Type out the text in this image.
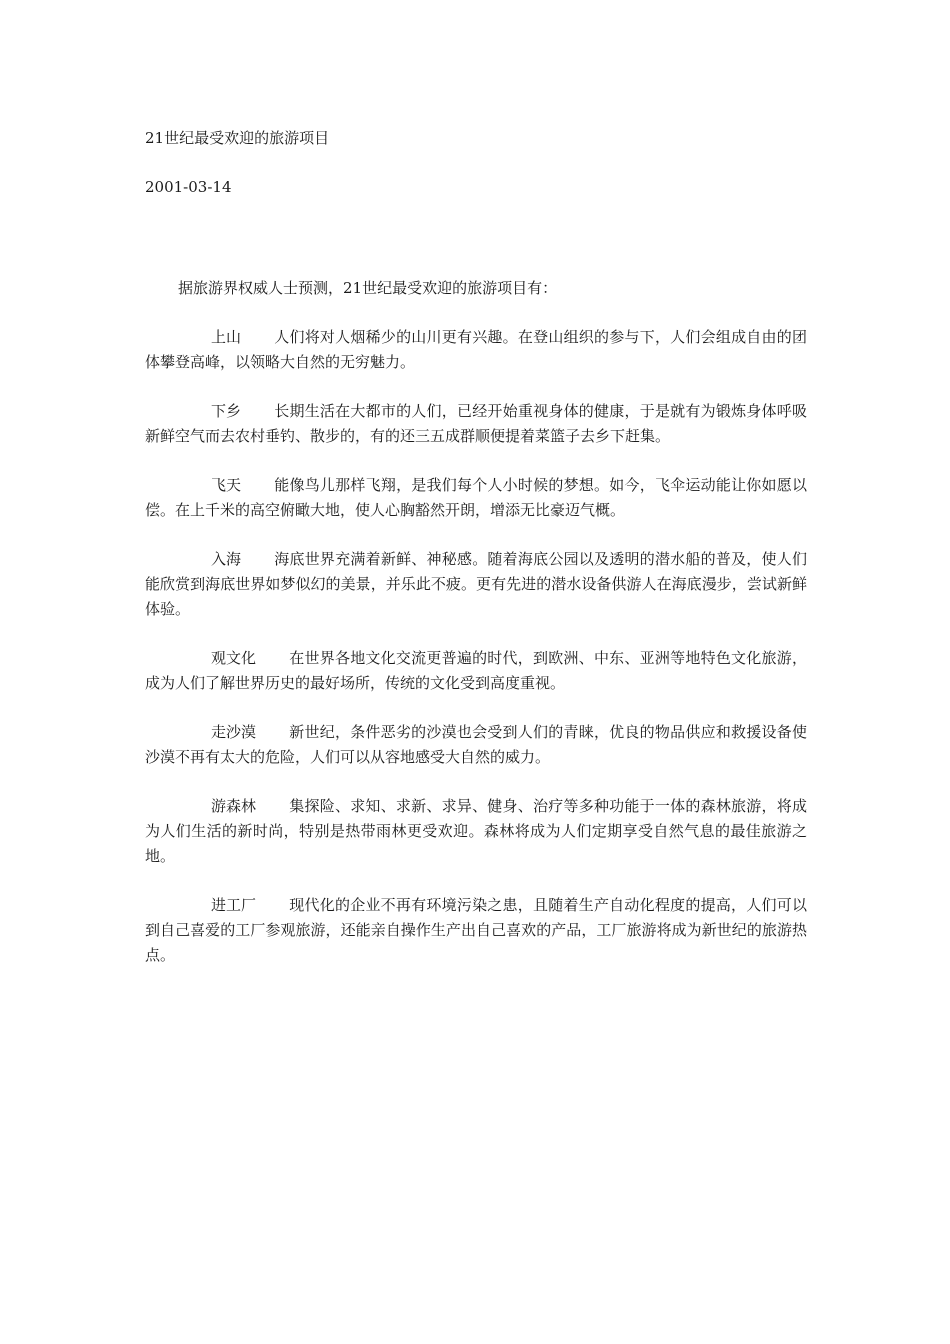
21世纪最受欢迎的旅游项目
2001-03-14

据旅游界权威人士预测，21世纪最受欢迎的旅游项目有：

上山 人们将对人烟稀少的山川更有兴趣。在登山组织的参与下，人们会组成自由的团体攀登高峰，以领略大自然的无穷魅力。

下乡 长期生活在大都市的人们，已经开始重视身体的健康，于是就有为锻炼身体呼吸新鲜空气而去农村垂钓、散步的，有的还三五成群顺便提着菜篮子去乡下赶集。

飞天 能像鸟儿那样飞翔，是我们每个人小时候的梦想。如今，飞伞运动能让你如愿以偿。在上千米的高空俯瞰大地，使人心胸豁然开朗，增添无比豪迈气概。

入海 海底世界充满着新鲜、神秘感。随着海底公园以及透明的潜水船的普及，使人们能欣赏到海底世界如梦似幻的美景，并乐此不疲。更有先进的潜水设备供游人在海底漫步，尝试新鲜体验。

观文化 在世界各地文化交流更普遍的时代，到欧洲、中东、亚洲等地特色文化旅游，成为人们了解世界历史的最好场所，传统的文化受到高度重视。

走沙漠 新世纪，条件恶劣的沙漠也会受到人们的青睐，优良的物品供应和救援设备使沙漠不再有太大的危险，人们可以从容地感受大自然的威力。

游森林 集探险、求知、求新、求异、健身、治疗等多种功能于一体的森林旅游，将成为人们生活的新时尚，特别是热带雨林更受欢迎。森林将成为人们定期享受自然气息的最佳旅游之地。

进工厂 现代化的企业不再有环境污染之患，且随着生产自动化程度的提高，人们可以到自己喜爱的工厂参观旅游，还能亲自操作生产出自己喜欢的产品，工厂旅游将成为新世纪的旅游热点。
